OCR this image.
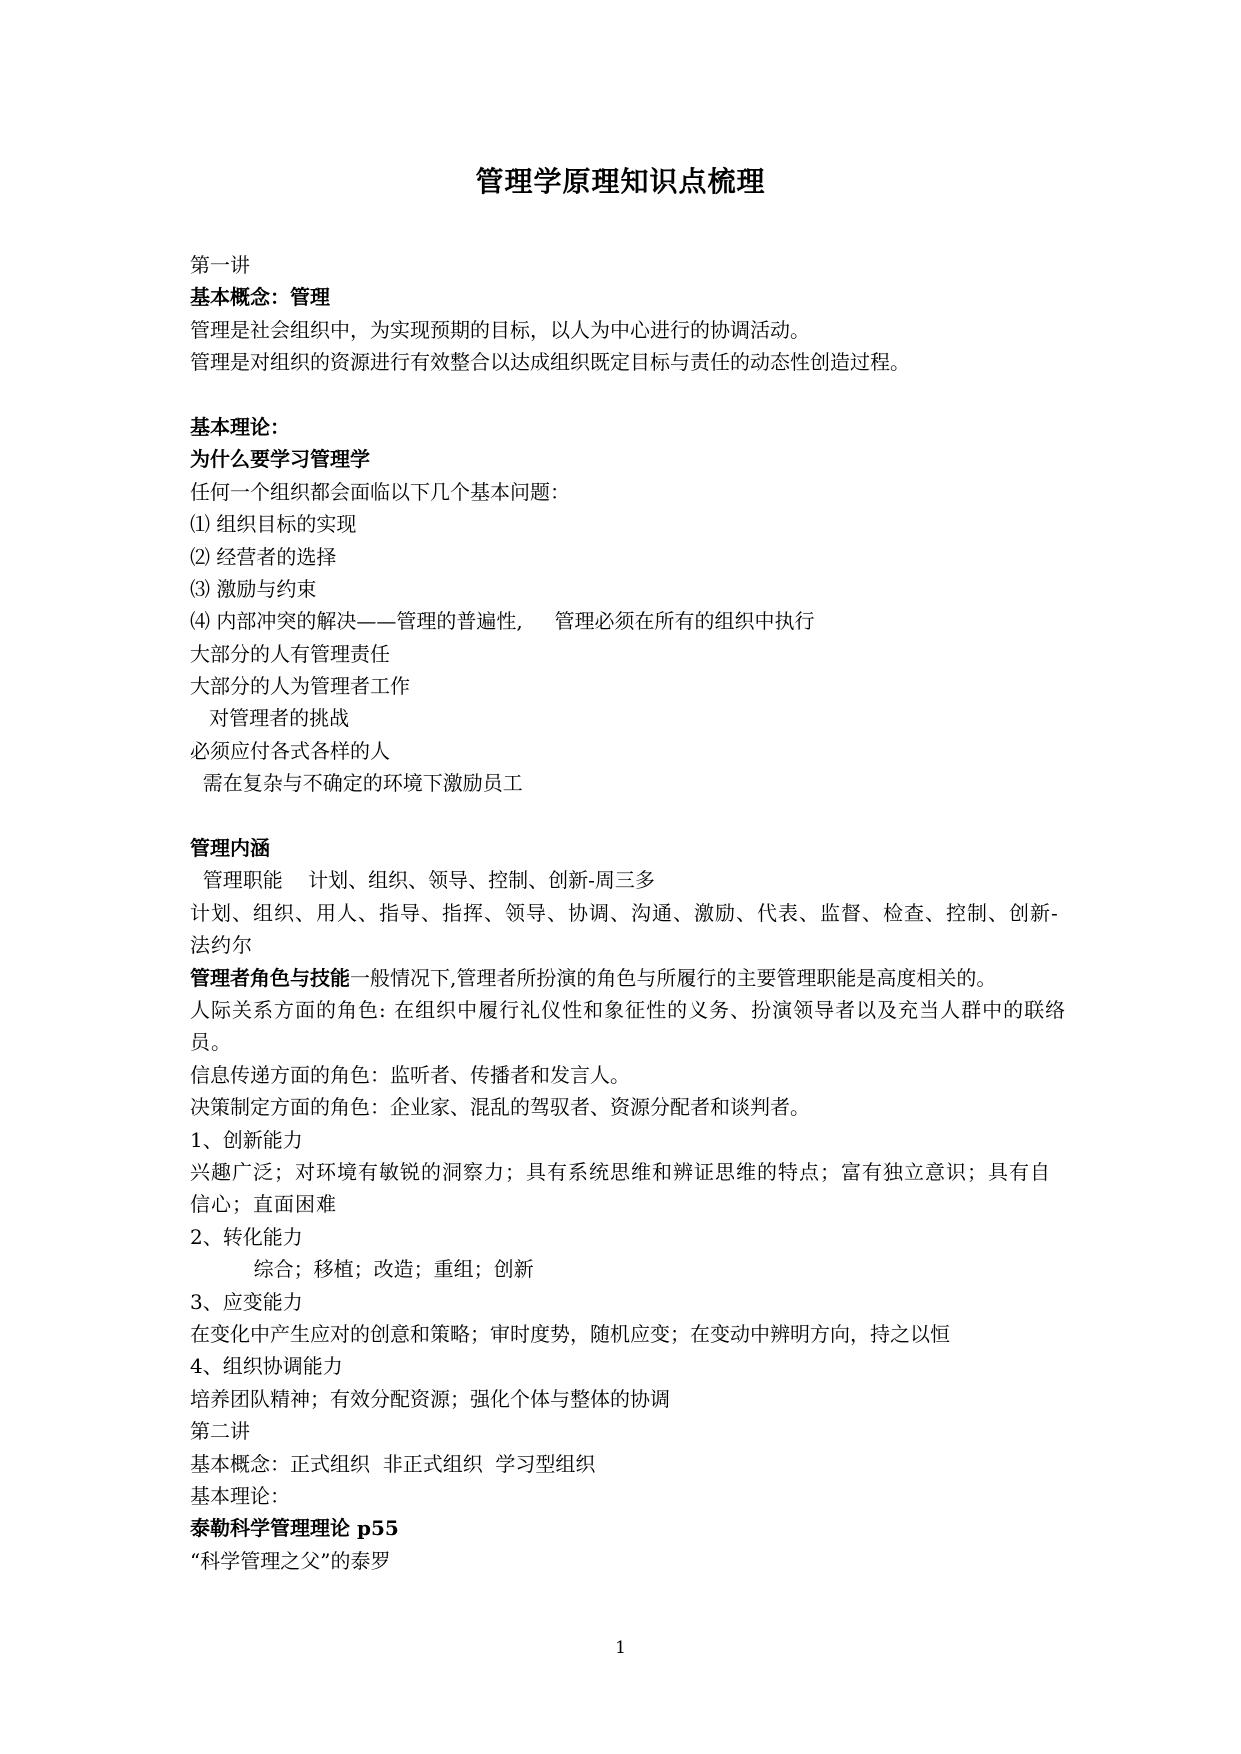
管理学原理知识点梳理
第一讲
基本概念：管理
管理是社会组织中，为实现预期的目标，以人为中心进行的协调活动。
管理是对组织的资源进行有效整合以达成组织既定目标与责任的动态性创造过程。
基本理论：
为什么要学习管理学
任何一个组织都会面临以下几个基本问题：
⑴ 组织目标的实现
⑵ 经营者的选择
⑶ 激励与约束
⑷ 内部冲突的解决——管理的普遍性,     管理必须在所有的组织中执行
大部分的人有管理责任
大部分的人为管理者工作
对管理者的挑战
必须应付各式各样的人
需在复杂与不确定的环境下激励员工
管理内涵
管理职能    计划、组织、领导、控制、创新-周三多
计划、组织、用人、指导、指挥、领导、协调、沟通、激励、代表、监督、检查、控制、创新-法约尔
管理者角色与技能一般情况下,管理者所扮演的角色与所履行的主要管理职能是高度相关的。
人际关系方面的角色: 在组织中履行礼仪性和象征性的义务、扮演领导者以及充当人群中的联络员。
信息传递方面的角色：监听者、传播者和发言人。
决策制定方面的角色：企业家、混乱的驾驭者、资源分配者和谈判者。
1、创新能力
兴趣广泛；对环境有敏锐的洞察力；具有系统思维和辨证思维的特点；富有独立意识；具有自信心；直面困难
2、转化能力
综合；移植；改造；重组；创新
3、应变能力
在变化中产生应对的创意和策略；审时度势，随机应变；在变动中辨明方向，持之以恒
4、组织协调能力
培养团队精神；有效分配资源；强化个体与整体的协调
第二讲
基本概念：正式组织  非正式组织  学习型组织
基本理论：
泰勒科学管理理论 p55
“科学管理之父”的泰罗
1
